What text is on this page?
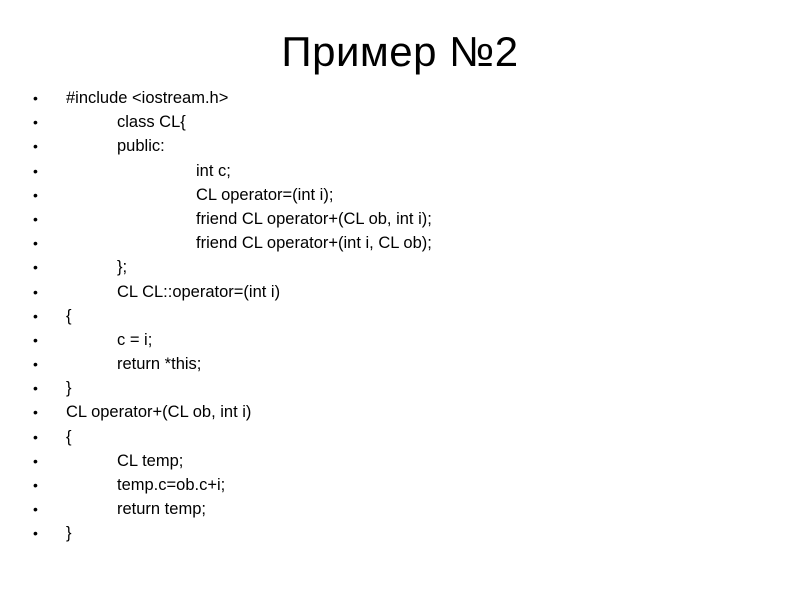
Пример №2
• #include <iostream.h>
•	class CL{
•	public:
•	int c;
•	CL operator=(int i);
•	friend CL operator+(CL ob, int i);
•	friend CL operator+(int i, CL ob);
•	};
•	CL CL::operator=(int i)
• {
•	c = i;
•	return *this;
• }
• CL operator+(CL ob, int i)
• {
•	CL temp;
•	temp.c=ob.c+i;
•	return temp;
• }
